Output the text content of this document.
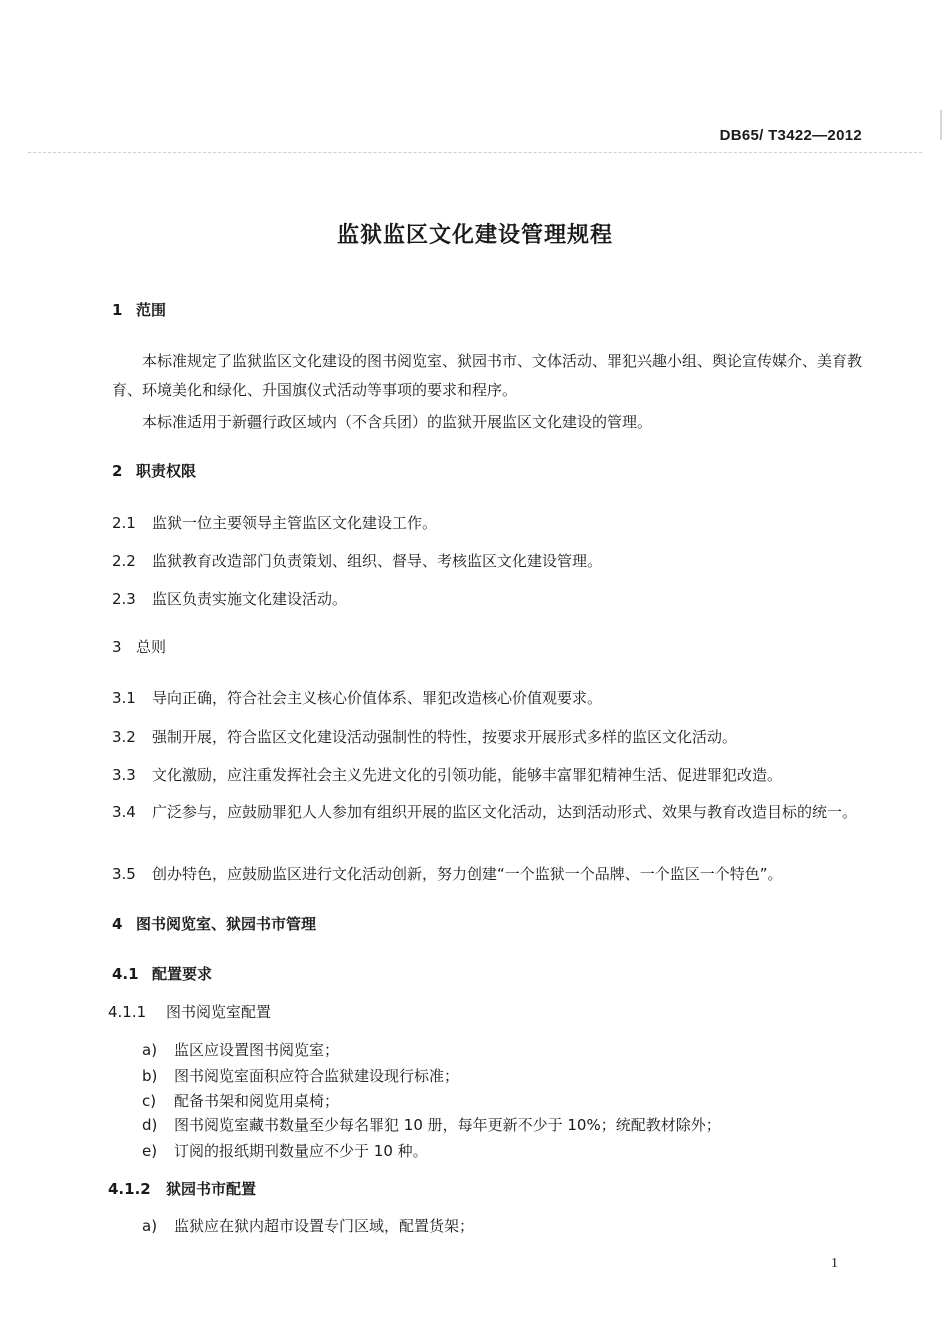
DB65/ T3422—2012
监狱监区文化建设管理规程
1 范围

本标准规定了监狱监区文化建设的图书阅览室、狱园书市、文体活动、罪犯兴趣小组、舆论宣传媒介、美育教育、环境美化和绿化、升国旗仪式活动等事项的要求和程序。

本标准适用于新疆行政区域内（不含兵团）的监狱开展监区文化建设的管理。

2 职责权限
2.1 监狱一位主要领导主管监区文化建设工作。
2.2 监狱教育改造部门负责策划、组织、督导、考核监区文化建设管理。
2.3 监区负责实施文化建设活动。
3 总则
3.1 导向正确，符合社会主义核心价值体系、罪犯改造核心价值观要求。
3.2 强制开展，符合监区文化建设活动强制性的特性，按要求开展形式多样的监区文化活动。
3.3 文化激励，应注重发挥社会主义先进文化的引领功能，能够丰富罪犯精神生活、促进罪犯改造。

3.4 广泛参与，应鼓励罪犯人人参加有组织开展的监区文化活动，达到活动形式、效果与教育改造目标的统一。

3.5 创办特色，应鼓励监区进行文化活动创新，努力创建“一个监狱一个品牌、一个监区一个特色”。
4 图书阅览室、狱园书市管理
4.1 配置要求
4.1.1 图书阅览室配置
a) 监区应设置图书阅览室；
b) 图书阅览室面积应符合监狱建设现行标准；
c) 配备书架和阅览用桌椅；
d) 图书阅览室藏书数量至少每名罪犯 10 册，每年更新不少于 10%；统配教材除外；
e) 订阅的报纸期刊数量应不少于 10 种。
4.1.2 狱园书市配置
a) 监狱应在狱内超市设置专门区域，配置货架；
1
